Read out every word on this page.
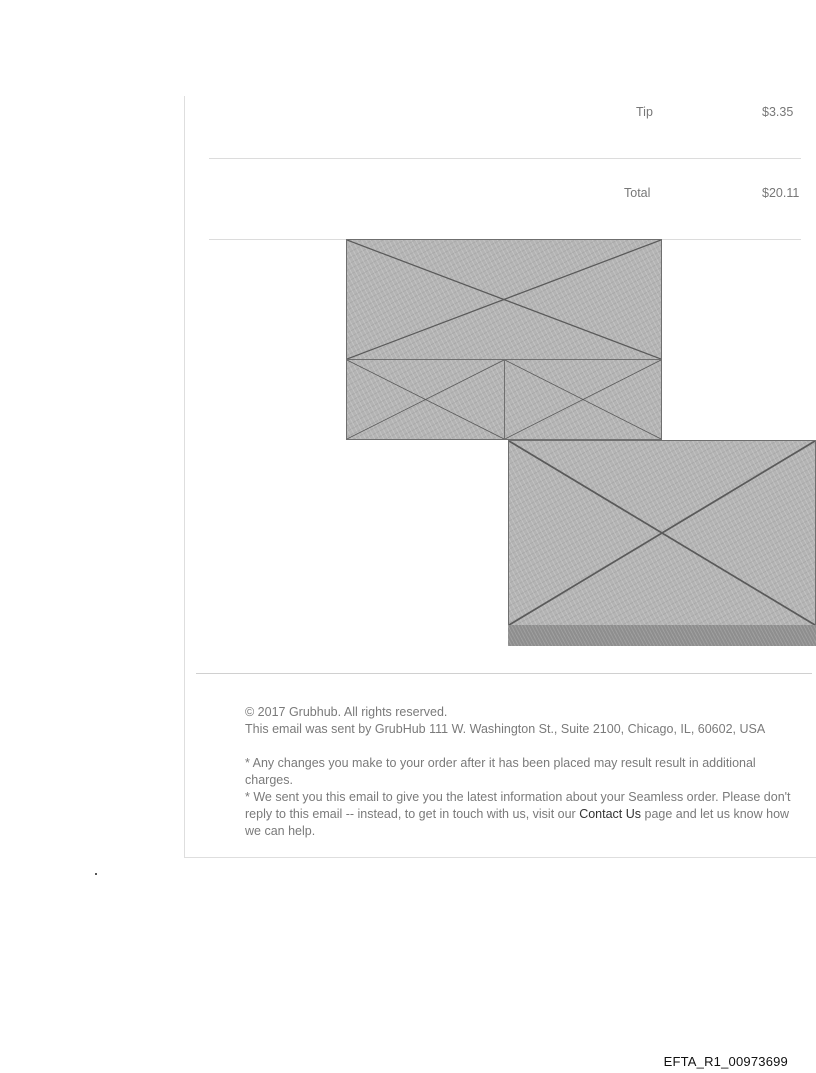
Tip	$3.35
Total	$20.11

© 2017 Grubhub. All rights reserved.

This email was sent by GrubHub 111 W. Washington St., Suite 2100, Chicago, IL, 60602, USA

* Any changes you make to your order after it has been placed may result result in additional charges.

* We sent you this email to give you the latest information about your Seamless order. Please don't reply to this email -- instead, to get in touch with us, visit our Contact Us page and let us know how we can help.

EFTA_R1_00973699
